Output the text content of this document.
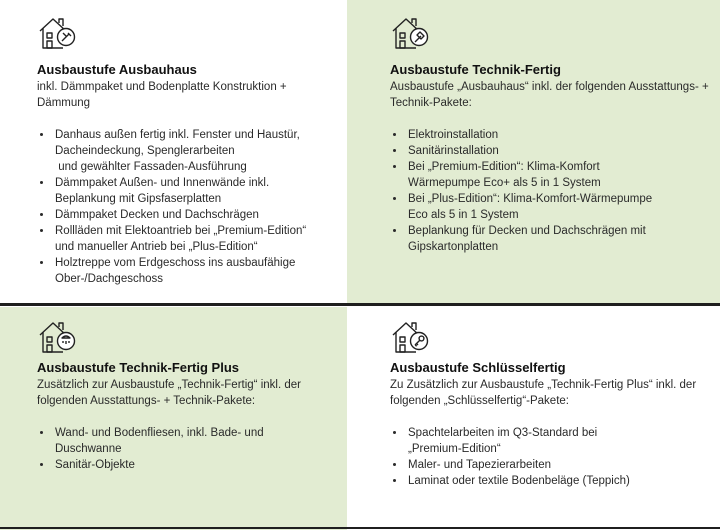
Ausbaustufe Ausbauhaus

inkl. Dämmpaket und Bodenplatte Konstruktion + Dämmung

• Danhaus außen fertig inkl. Fenster und Haustür,
Dacheindeckung, Spenglerarbeiten
und gewählter Fassaden-Ausführung
• Dämmpaket Außen- und Innenwände inkl.
Beplankung mit Gipsfaserplatten
• Dämmpaket Decken und Dachschrägen
• Rollläden mit Elektoantrieb bei „Premium-Edition“
und manueller Antrieb bei „Plus-Edition“
• Holztreppe vom Erdgeschoss ins ausbaufähige
Ober-/Dachgeschoss

Ausbaustufe Technik-Fertig

Ausbaustufe „Ausbauhaus“ inkl. der folgenden Ausstattungs- + Technik-Pakete:

• Elektroinstallation
• Sanitärinstallation
• Bei „Premium-Edition“: Klima-Komfort
Wärmepumpe Eco+ als 5 in 1 System
• Bei „Plus-Edition“: Klima-Komfort-Wärmepumpe
Eco als 5 in 1 System
• Beplankung für Decken und Dachschrägen mit
Gipskartonplatten

Ausbaustufe Technik-Fertig Plus

Zusätzlich zur Ausbaustufe „Technik-Fertig“ inkl. der folgenden Ausstattungs- + Technik-Pakete:

• Wand- und Bodenfliesen, inkl. Bade- und
Duschwanne
• Sanitär-Objekte

Ausbaustufe Schlüsselfertig

Zu Zusätzlich zur Ausbaustufe „Technik-Fertig Plus“ inkl. der folgenden „Schlüsselfertig“-Pakete:

• Spachtelarbeiten im Q3-Standard bei
„Premium-Edition“
• Maler- und Tapezierarbeiten
• Laminat oder textile Bodenbeläge (Teppich)
